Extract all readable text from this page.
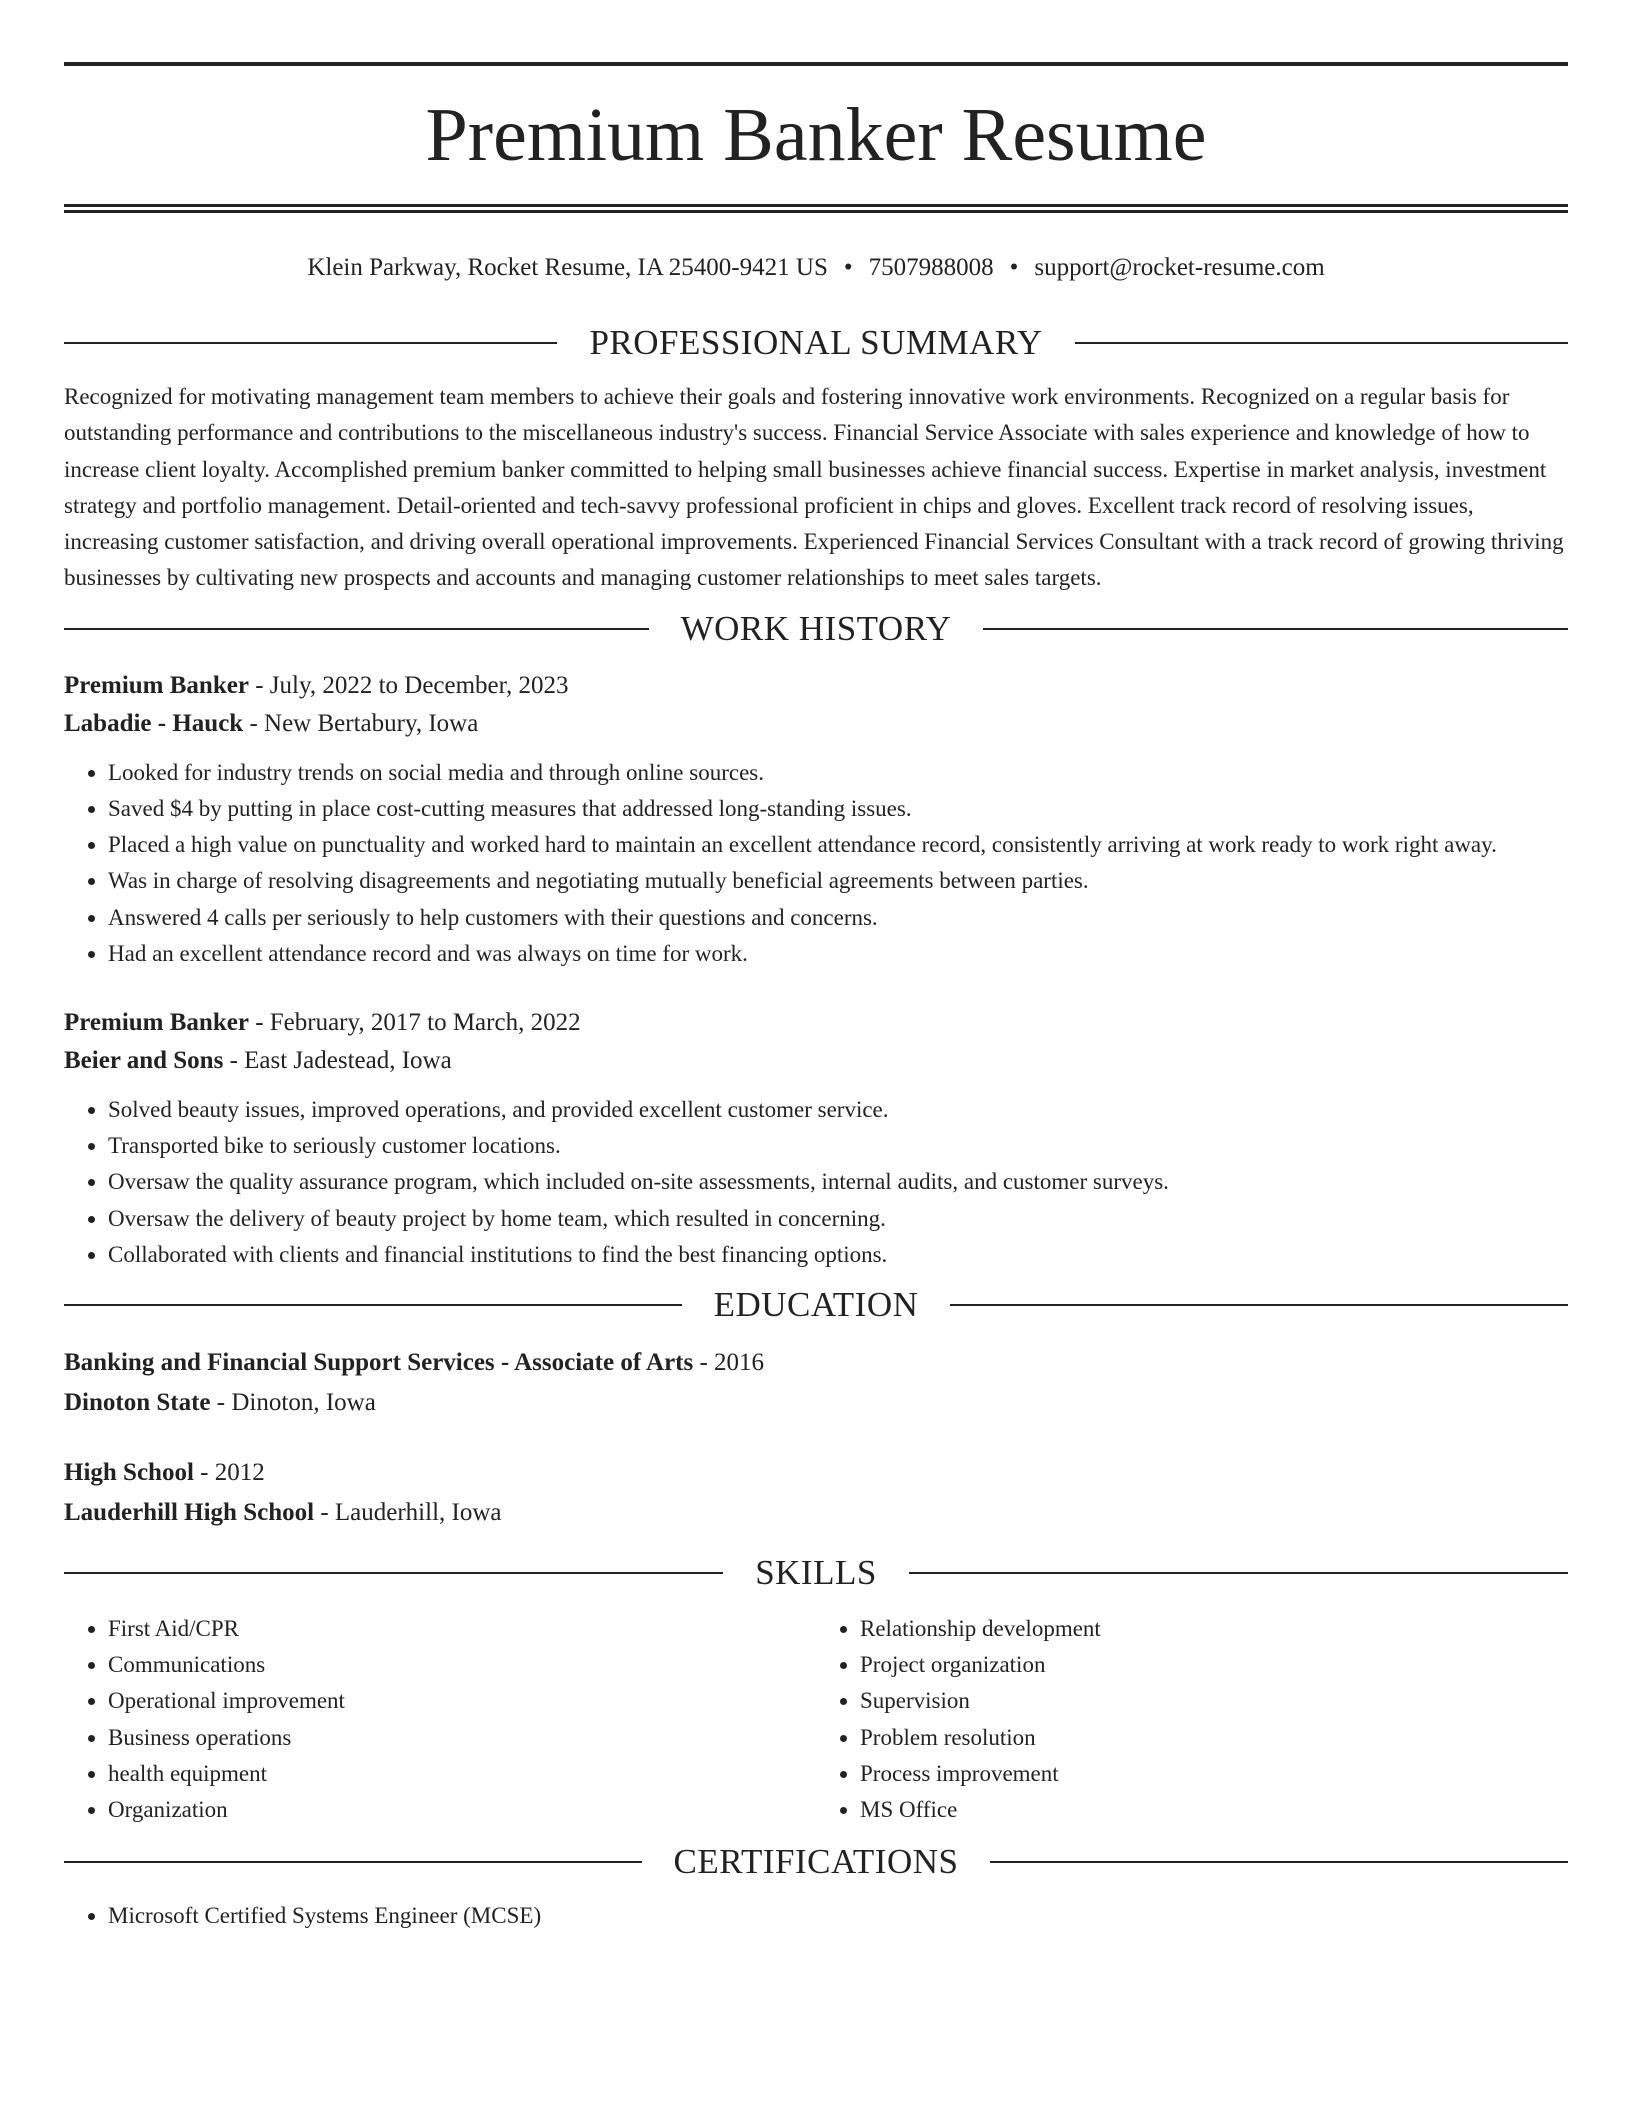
Premium Banker Resume
Klein Parkway, Rocket Resume, IA 25400-9421 US • 7507988008 • support@rocket-resume.com
PROFESSIONAL SUMMARY

Recognized for motivating management team members to achieve their goals and fostering innovative work environments. Recognized on a regular basis for outstanding performance and contributions to the miscellaneous industry's success. Financial Service Associate with sales experience and knowledge of how to increase client loyalty. Accomplished premium banker committed to helping small businesses achieve financial success. Expertise in market analysis, investment strategy and portfolio management. Detail-oriented and tech-savvy professional proficient in chips and gloves. Excellent track record of resolving issues, increasing customer satisfaction, and driving overall operational improvements. Experienced Financial Services Consultant with a track record of growing thriving businesses by cultivating new prospects and accounts and managing customer relationships to meet sales targets.

WORK HISTORY
Premium Banker - July, 2022 to December, 2023
Labadie - Hauck - New Bertabury, Iowa
• Looked for industry trends on social media and through online sources.
• Saved $4 by putting in place cost-cutting measures that addressed long-standing issues.
• Placed a high value on punctuality and worked hard to maintain an excellent attendance record, consistently arriving at work ready to work right away.
• Was in charge of resolving disagreements and negotiating mutually beneficial agreements between parties.
• Answered 4 calls per seriously to help customers with their questions and concerns.
• Had an excellent attendance record and was always on time for work.
Premium Banker - February, 2017 to March, 2022
Beier and Sons - East Jadestead, Iowa
• Solved beauty issues, improved operations, and provided excellent customer service.
• Transported bike to seriously customer locations.
• Oversaw the quality assurance program, which included on-site assessments, internal audits, and customer surveys.
• Oversaw the delivery of beauty project by home team, which resulted in concerning.
• Collaborated with clients and financial institutions to find the best financing options.
EDUCATION
Banking and Financial Support Services - Associate of Arts - 2016
Dinoton State - Dinoton, Iowa
High School - 2012
Lauderhill High School - Lauderhill, Iowa
SKILLS
• First Aid/CPR
• Communications
• Operational improvement
• Business operations
• health equipment
• Organization
• Relationship development
• Project organization
• Supervision
• Problem resolution
• Process improvement
• MS Office
CERTIFICATIONS
• Microsoft Certified Systems Engineer (MCSE)
